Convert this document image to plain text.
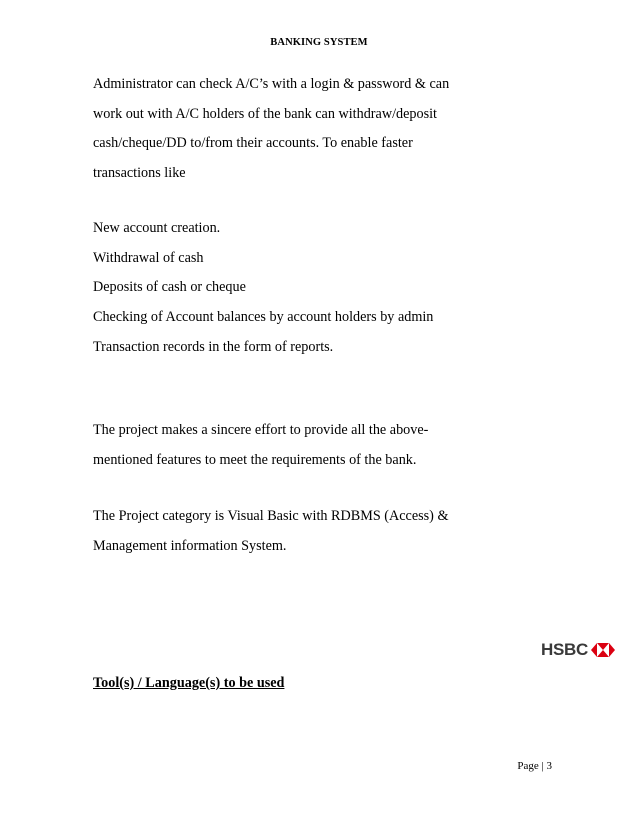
BANKING SYSTEM
Administrator can check A/C’s with a login & password & can
work out with A/C holders of the bank can withdraw/deposit
cash/cheque/DD to/from their accounts. To enable faster
transactions like
New account creation.
Withdrawal of cash
Deposits of cash or cheque
Checking of Account balances by account holders by admin
Transaction records in the form of reports.
The project makes a sincere effort to provide all the above-
mentioned features to meet the requirements of the bank.
The Project category is Visual Basic with RDBMS (Access) &
Management information System.
HSBC
Tool(s) / Language(s) to be used
Page | 3
